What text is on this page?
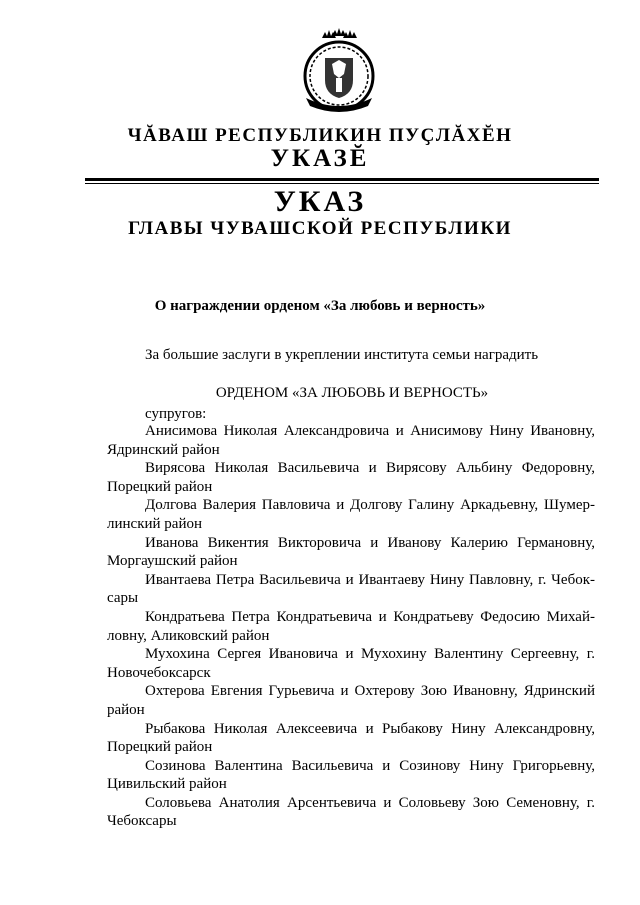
ЧĂВАШ РЕСПУБЛИКИН ПУҪЛĂХĔН
УКАЗĔ
УКАЗ
ГЛАВЫ ЧУВАШСКОЙ РЕСПУБЛИКИ
О награждении орденом «За любовь и верность»
За большие заслуги в укреплении института семьи наградить
ОРДЕНОМ «ЗА ЛЮБОВЬ И ВЕРНОСТЬ»
супругов:

Анисимова Николая Александровича и Анисимову Нину Ивановну, Ядринский район

Вирясова Николая Васильевича и Вирясову Альбину Федоровну, Порецкий район

Долгова Валерия Павловича и Долгову Галину Аркадьевну, Шумер-линский район

Иванова Викентия Викторовича и Иванову Калерию Германовну, Моргаушский район

Ивантаева Петра Васильевича и Ивантаеву Нину Павловну, г. Чебок-сары

Кондратьева Петра Кондратьевича и Кондратьеву Федосию Михай-ловну, Аликовский район

Мухохина Сергея Ивановича и Мухохину Валентину Сергеевну, г. Новочебоксарск

Охтерова Евгения Гурьевича и Охтерову Зою Ивановну, Ядринский район

Рыбакова Николая Алексеевича и Рыбакову Нину Александровну, Порецкий район

Созинова Валентина Васильевича и Созинову Нину Григорьевну, Цивильский район

Соловьева Анатолия Арсентьевича и Соловьеву Зою Семеновну, г. Чебоксары
